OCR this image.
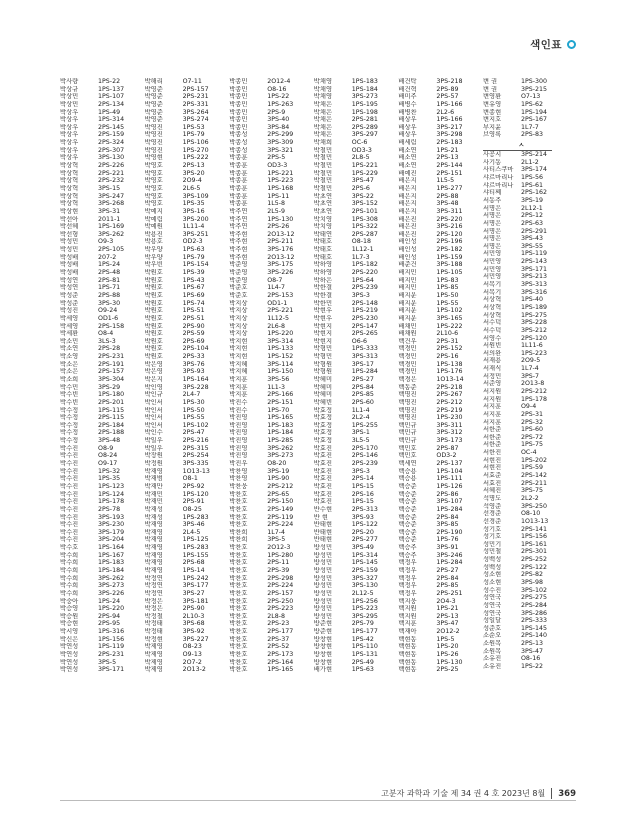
색인표
박사량	1PS-22
박상규	1PS-137
박상민	1PS-107
박상민	2PS-134
박상우	1PS-49
박상우	1PS-314
박상우	2PS-145
박상우	2PS-159
박상우	2PS-324
박상우	2PS-307
박상우	3PS-130
박상혁	2PS-226
박상혁	2PS-221
박상혁	2PS-232
박상혁	3PS-15
박상혁	3PS-247
박상혁	3PS-268
박상현	3PS-31
박선아	2011-1
박선혜	1PS-169
박선형	3PS-262
박성민	O9-3
박성민	2PS-105
박성배	207-2
박성배	1PS-24
박성배	2PS-48
박성연	2PS-81
박성연	1PS-71
박성준	2PS-88
박성준	3PS-30
박성진	O9-24
박세영	OD1-6
박세영	2PS-158
박세환	O8-4
박소민	3LS-3
박소연	2PS-28
박소영	2PS-231
박소은	2PS-191
박소은	2PS-157
박소희	3PS-304
박수민	3PS-29
박수빈	1PS-180
박수빈	2PS-201
박수정	1PS-115
박수정	2PS-115
박수정	2PS-184
박수정	2PS-188
박수정	3PS-48
박수진	O8-9
박수진	O8-24
박수진	O9-17
박수진	1PS-32
박수진	1PS-35
박수진	1PS-123
박수진	1PS-124
박수진	1PS-178
박수진	2PS-78
박수진	3PS-193
박수진	3PS-230
박수진	3PS-179
박수진	3PS-204
박수호	1PS-164
박수희	1PS-167
박수희	1PS-183
박수희	1PS-184
박수희	3PS-262
박수희	3PS-273
박수희	3PS-226
박숭아	1PS-24
박승영	1PS-220
박승원	2PS-94
박승현	2PS-95
박시영	1PS-316
박신은	1PS-156
박연성	1PS-119
박연성	2PS-231
박연성	3PS-5
박연성	3PS-171
박해리	O7-11
박영준	2PS-157
박영준	2PS-231
박영준	2PS-331
박영준	3PS-264
박영준	3PS-274
박영진	1PS-53
박영진	1PS-79
박영진	1PS-106
박영진	1PS-270
박영현	1PS-222
박영호	2PS-13
박영호	3PS-20
박영호	2O9-4
박영호	2L6-5
박영호	3PS-109
박영호	1PS-35
박예지	3PS-16
박예림	3PS-200
박예원	1L11-4
박용진	3PS-251
박용호	OD2-3
박우양	1PS-63
박우양	1PS-79
박우빈	1PS-154
박원호	1PS-39
박원호	1PS-43
박원호	1PS-67
박원호	1PS-69
박원호	1PS-74
박원호	1PS-51
박원호	2PS-51
박원호	2PS-90
박원호	2PS-59
박원호	2PS-69
박원호	2PS-104
박원호	2PS-33
박은영	3PS-76
박은영	3PS-93
박은지	1PS-164
박인영	3PS-228
박인규	2L4-7
박인서	1PS-30
박인서	1PS-50
박인서	1PS-55
박인서	1PS-102
박인수	2PS-47
박일우	2PS-216
박일우	2PS-315
박장원	2PS-254
박정원	3PS-335
박재영	1O13-13
박재범	O8-1
박재만	2PS-92
박재민	1PS-120
박재민	2PS-91
박재성	O8-25
박재성	1PS-283
박재영	3PS-46
박재영	2L4-5
박재영	1PS-125
박재영	1PS-283
박재영	1PS-155
박재영	2PS-68
박재영	1PS-14
박정연	1PS-242
박정연	3PS-177
박정연	3PS-27
박정은	3PS-181
박정은	2PS-90
박정철	2L10-3
박정태	3PS-68
박정태	3PS-92
박정현	3PS-227
박제영	O8-23
박제영	O9-13
박제영	2O7-2
박제영	2O13-2
박종민	2O12-4
박종민	O8-16
박종민	1PS-22
박종민	1PS-263
박종민	2PS-9
박종민	3PS-40
박종민	3PS-84
박종성	2PS-299
박종성	3PS-309
박종성	3PS-321
박종훈	2PS-5
박종훈	OD3-3
박종훈	1PS-221
박종훈	1PS-223
박종훈	1PS-168
박종훈	1PS-11
박종훈	1L5-8
박주연	2L5-9
박주연	1PS-130
박주연	2PS-26
박주현	2O13-12
박주현	2PS-211
박주현	3PS-176
박주현	2O13-12
박준영	3PS-175
박준영	3PS-226
박준영	O8-7
박준호	1L4-7
박준호	2PS-153
박지상	OD1-1
박지상	2PS-221
박지상	1L12-5
박지상	2L6-8
박지상	1PS-220
박지현	3PS-314
박지현	1PS-133
박지현	1PS-152
박지혜	3PS-114
박지혜	1PS-150
박지훈	3PS-56
박지훈	1L1-3
박지훈	2PS-166
박진수	2PS-151
박진수	1PS-70
박진영	1PS-165
박진영	1PS-183
박진영	1PS-184
박진영	1PS-285
박진영	3PS-262
박진영	3PS-273
박진우	O8-20
박찬영	3PS-19
박찬영	1PS-90
박찬웅	2PS-212
박찬호	2PS-65
박찬호	2PS-150
박찬호	2PS-149
박찬호	2PS-119
박찬호	2PS-224
박찬희	1L7-4
박찬희	3PS-5
박찬호	2O12-3
박찬호	1PS-280
박찬호	2PS-11
박찬호	2PS-39
박찬호	2PS-298
박찬호	2PS-224
박찬호	2PS-157
박찬호	2PS-250
박찬호	2PS-223
박찬호	2L8-8
박찬호	2PS-23
박찬호	2PS-177
박찬호	2PS-37
박찬호	2PS-52
박찬호	2PS-173
박찬호	2PS-164
박찬호	1PS-165
박채영	1PS-183
박채영	1PS-184
박채영	3PS-273
박채은	1PS-195
박채은	1PS-198
박채은	2PS-281
박채은	2PS-289
박채은	3PS-297
박채희	OC-6
박철민	OD3-3
박철민	2L8-5
박철민	1PS-221
박철민	1PS-229
박철민	3PS-47
박철민	2PS-6
박초연	3PS-22
박초연	3PS-152
박초연	2PS-101
박치영	1PS-308
박치영	1PS-322
박태연	2PS-287
박태호	O8-18
박태호	1L12-1
박태호	1L7-3
박하영	1PS-182
박하영	2PS-220
박하은	1PS-64
박한결	2PS-239
박한결	3PS-3
박한민	2PS-148
박현우	1PS-219
박현우	2PS-230
박현지	2PS-147
박현지	2PS-265
박현지	O6-6
박형민	1PS-333
박형민	3PS-313
박형원	3PS-17
박형원	1PS-284
박혜미	2PS-27
박혜미	2PS-84
박혜미	2PS-85
박혜빈	2PS-60
박효정	1L1-4
박효정	2L2-4
박효정	1PS-255
박효정	3PS-1
박효정	3L5-5
박효진	2PS-170
박효진	2PS-146
박효진	2PS-239
박효진	3PS-3
박효진	2PS-14
박효진	1PS-15
박효진	2PS-16
박효진	1PS-15
반수현	2PS-313
반 현	3PS-93
반태현	1PS-122
반태현	2PS-20
반태현	2PS-277
방성민	3PS-49
방성민	1PS-314
방성민	1PS-145
방성민	2PS-159
방성민	3PS-327
방성민	3PS-130
방성민	2L12-5
방성민	1PS-256
방성민	1PS-223
방성민	3PS-295
방준현	2PS-79
방준현	1PS-177
방창현	1PS-42
방창현	1PS-110
방창현	1PS-131
방창현	2PS-49
배가현	1PS-63
배건탁	3PS-218
배건혁	2PS-89
배미주	2PS-57
배병수	1PS-166
배병찬	2L2-6
배상우	1PS-166
배상우	3PS-217
배상우	3PS-298
배세림	2PS-183
배소연	1PS-21
배소연	2PS-13
배소연	2PS-144
배예진	2PS-151
배은지	1L5-5
배은지	1PS-277
배은지	2PS-88
배은지	3PS-48
배은지	3PS-311
배은진	2PS-220
배은진	3PS-216
배은진	2PS-120
배인성	2PS-196
배인성	2PS-182
배인성	1PS-159
배준건	3PS-188
배지민	1PS-105
배지민	1PS-83
배지민	1PS-85
배지운	1PS-50
배지운	1PS-55
배지운	1PS-102
배지운	3PS-165
배채민	1PS-222
배채원	2L10-6
백건우	2PS-31
백경민	2PS-152
백경민	2PS-16
백경민	1PS-138
백경민	1PS-176
백경은	1O13-14
백동준	2PS-218
백명진	2PS-267
백명진	2PS-212
백명진	2PS-219
백명진	1PS-230
백민규	3PS-311
백민규	3PS-312
백민규	3PS-173
백민호	2PS-87
백민호	OD3-2
백세연	2PS-137
백승용	1PS-104
백승용	1PS-111
백승준	1PS-126
백승준	2PS-86
백승준	3PS-107
백승준	1PS-284
백승준	2PS-84
백승준	3PS-85
백승준	2PS-190
백승준	1PS-76
백승주	3PS-91
백승주	3PS-246
백정우	1PS-284
백정우	2PS-27
백정우	2PS-84
백정우	2PS-85
백정우	2PS-251
백지웅	2O4-3
백지원	1PS-21
백지원	2PS-13
백지훈	3PS-47
백재아	2O12-2
백현동	1PS-5
백현동	1PS-20
백현동	1PS-26
백현동	1PS-130
백현동	2PS-25
변 권	1PS-300
변 권	3PS-215
변영환	O7-13
변유영	1PS-62
변종현	1PS-194
변지호	2PS-167
부지윤	1L7-7
브영록	2PS-83
ㅅ
사공시	3PS-214
사기동	2L1-2
사티스쿠마	3PS-174
샤르마리나	1PS-56
샤르마리나	1PS-61
샤티쩨	2PS-162
서동주	3PS-19
서명은	2L12-1
서명은	2PS-12
서명은	2PS-63
서명은	2PS-291
서명은	3PS-43
서명은	3PS-55
서민영	1PS-119
서민영	2PS-143
서민영	3PS-171
서민영	3PS-213
서복기	3PS-313
서복기	3PS-316
서상혁	1PS-40
서상혁	1PS-189
서상혁	1PS-275
서수덕	3PS-228
서수덕	3PS-212
서영수	2PS-120
서원빈	1L11-6
서의완	1PS-223
서재용	2O9-5
서재식	1L7-4
서정민	3PS-7
서준영	2O13-8
서지원	2PS-212
서지원	1PS-178
서지훈	O9-4
서지훈	2PS-31
서지훈	2PS-32
서한준	1PS-60
서한준	2PS-72
서한준	1PS-75
서한진	OC-4
서현진	1PS-202
서현진	1PS-59
서효준	2PS-142
서효진	2PS-211
서혜진	3PS-75
석명도	2L2-2
석영준	3PS-250
선경준	O8-10
선경준	1O13-13
성기호	2PS-141
성기호	1PS-156
성민기	1PS-161
성민철	2PS-301
성백성	2PS-252
성백성	2PS-122
성소현	2PS-82
성소현	3PS-98
성수진	3PS-102
성연국	2PS-275
성연국	2PS-284
성연국	3PS-286
성일달	2PS-333
성준호	1PS-145
소순오	2PS-140
소원목	2PS-13
소원목	3PS-47
소유진	O8-16
소유진	1PS-22
고분자 과학과 기술 제 34 권 4 호 2023년 8월 369
